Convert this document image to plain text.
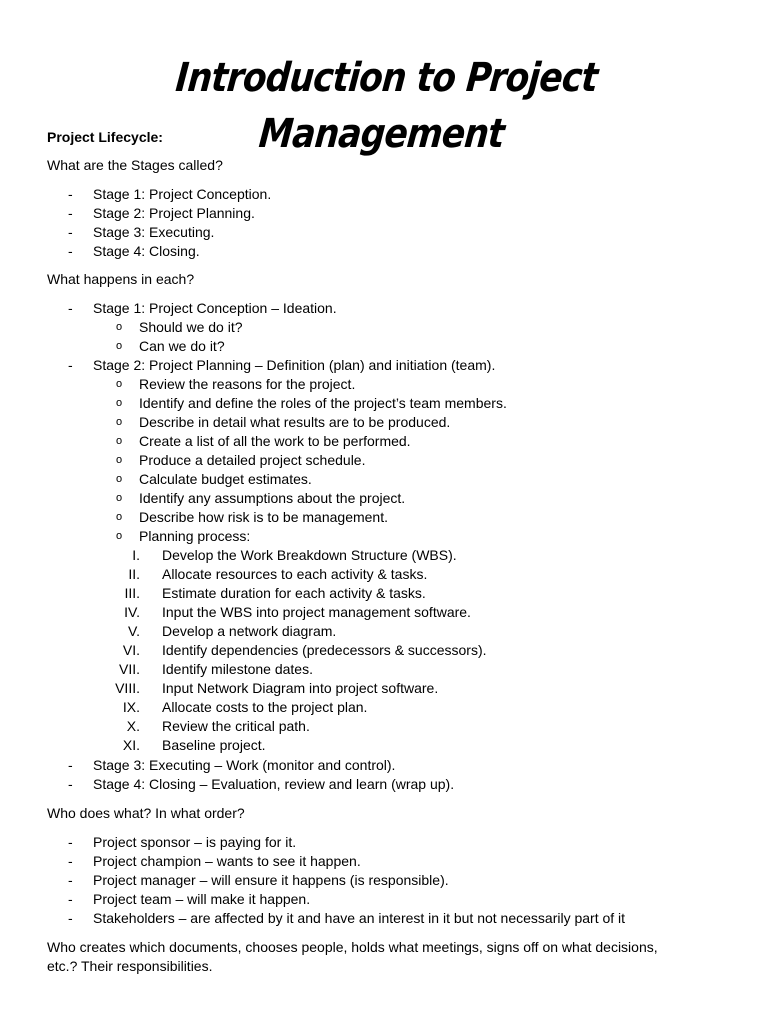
Introduction to Project Management
Project Lifecycle:
What are the Stages called?
- Stage 1: Project Conception.
- Stage 2: Project Planning.
- Stage 3: Executing.
- Stage 4: Closing.
What happens in each?
- Stage 1: Project Conception – Ideation.
o Should we do it?
o Can we do it?
- Stage 2: Project Planning – Definition (plan) and initiation (team).
o Review the reasons for the project.
o Identify and define the roles of the project’s team members.
o Describe in detail what results are to be produced.
o Create a list of all the work to be performed.
o Produce a detailed project schedule.
o Calculate budget estimates.
o Identify any assumptions about the project.
o Describe how risk is to be management.
o Planning process:
I. Develop the Work Breakdown Structure (WBS).
II. Allocate resources to each activity & tasks.
III. Estimate duration for each activity & tasks.
IV. Input the WBS into project management software.
V. Develop a network diagram.
VI. Identify dependencies (predecessors & successors).
VII. Identify milestone dates.
VIII. Input Network Diagram into project software.
IX. Allocate costs to the project plan.
X. Review the critical path.
XI. Baseline project.
- Stage 3: Executing – Work (monitor and control).
- Stage 4: Closing – Evaluation, review and learn (wrap up).
Who does what? In what order?
- Project sponsor – is paying for it.
- Project champion – wants to see it happen.
- Project manager – will ensure it happens (is responsible).
- Project team – will make it happen.
- Stakeholders – are affected by it and have an interest in it but not necessarily part of it
Who creates which documents, chooses people, holds what meetings, signs off on what decisions,
etc.? Their responsibilities.
